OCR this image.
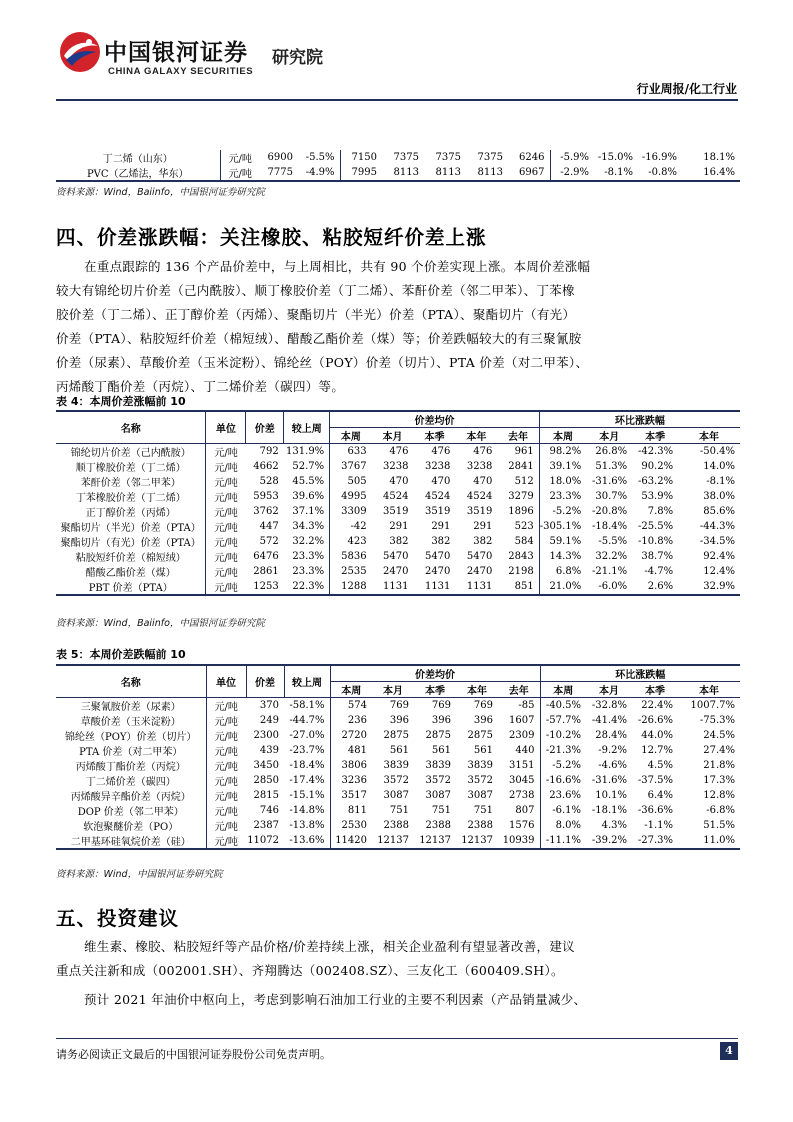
中国银河证券
CHINA GALAXY SECURITIES
研究院
行业周报/化工行业
丁二烯（山东）	元/吨	6900	-5.5%	7150	7375	7375	7375	6246	-5.9%	-15.0%	-16.9%	18.1%
PVC（乙烯法，华东）	元/吨	7775	-4.9%	7995	8113	8113	8113	6967	-2.9%	-8.1%	-0.8%	16.4%
资料来源：Wind，Baiinfo，中国银河证券研究院
四、价差涨跌幅：关注橡胶、粘胶短纤价差上涨
在重点跟踪的 136 个产品价差中，与上周相比，共有 90 个价差实现上涨。本周价差涨幅
较大有锦纶切片价差（己内酰胺）、顺丁橡胶价差（丁二烯）、苯酐价差（邻二甲苯）、丁苯橡
胶价差（丁二烯）、正丁醇价差（丙烯）、聚酯切片（半光）价差（PTA）、聚酯切片（有光）
价差（PTA）、粘胶短纤价差（棉短绒）、醋酸乙酯价差（煤）等；价差跌幅较大的有三聚氰胺
价差（尿素）、草酸价差（玉米淀粉）、锦纶丝（POY）价差（切片）、PTA 价差（对二甲苯）、
丙烯酸丁酯价差（丙烷）、丁二烯价差（碳四）等。
表 4：本周价差涨幅前 10
名称	单位	价差	较上周	价差均价					环比涨跌幅			
				本周	本月	本季	本年	去年	本周	本月	本季	本年
锦纶切片价差（己内酰胺）	元/吨	792	131.9%	633	476	476	476	961	98.2%	26.8%	-42.3%	-50.4%
顺丁橡胶价差（丁二烯）	元/吨	4662	52.7%	3767	3238	3238	3238	2841	39.1%	51.3%	90.2%	14.0%
苯酐价差（邻二甲苯）	元/吨	528	45.5%	505	470	470	470	512	18.0%	-31.6%	-63.2%	-8.1%
丁苯橡胶价差（丁二烯）	元/吨	5953	39.6%	4995	4524	4524	4524	3279	23.3%	30.7%	53.9%	38.0%
正丁醇价差（丙烯）	元/吨	3762	37.1%	3309	3519	3519	3519	1896	-5.2%	-20.8%	7.8%	85.6%
聚酯切片（半光）价差（PTA）	元/吨	447	34.3%	-42	291	291	291	523	-305.1%	-18.4%	-25.5%	-44.3%
聚酯切片（有光）价差（PTA）	元/吨	572	32.2%	423	382	382	382	584	59.1%	-5.5%	-10.8%	-34.5%
粘胶短纤价差（棉短绒）	元/吨	6476	23.3%	5836	5470	5470	5470	2843	14.3%	32.2%	38.7%	92.4%
醋酸乙酯价差（煤）	元/吨	2861	23.3%	2535	2470	2470	2470	2198	6.8%	-21.1%	-4.7%	12.4%
PBT 价差（PTA）	元/吨	1253	22.3%	1288	1131	1131	1131	851	21.0%	-6.0%	2.6%	32.9%
资料来源：Wind，Baiinfo，中国银河证券研究院
表 5：本周价差跌幅前 10
名称	单位	价差	较上周	价差均价					环比涨跌幅			
				本周	本月	本季	本年	去年	本周	本月	本季	本年
三聚氰胺价差（尿素）	元/吨	370	-58.1%	574	769	769	769	-85	-40.5%	-32.8%	22.4%	1007.7%
草酸价差（玉米淀粉）	元/吨	249	-44.7%	236	396	396	396	1607	-57.7%	-41.4%	-26.6%	-75.3%
锦纶丝（POY）价差（切片）	元/吨	2300	-27.0%	2720	2875	2875	2875	2309	-10.2%	28.4%	44.0%	24.5%
PTA 价差（对二甲苯）	元/吨	439	-23.7%	481	561	561	561	440	-21.3%	-9.2%	12.7%	27.4%
丙烯酸丁酯价差（丙烷）	元/吨	3450	-18.4%	3806	3839	3839	3839	3151	-5.2%	-4.6%	4.5%	21.8%
丁二烯价差（碳四）	元/吨	2850	-17.4%	3236	3572	3572	3572	3045	-16.6%	-31.6%	-37.5%	17.3%
丙烯酸异辛酯价差（丙烷）	元/吨	2815	-15.1%	3517	3087	3087	3087	2738	23.6%	10.1%	6.4%	12.8%
DOP 价差（邻二甲苯）	元/吨	746	-14.8%	811	751	751	751	807	-6.1%	-18.1%	-36.6%	-6.8%
软泡聚醚价差（PO）	元/吨	2387	-13.8%	2530	2388	2388	2388	1576	8.0%	4.3%	-1.1%	51.5%
二甲基环硅氧烷价差（硅）	元/吨	11072	-13.6%	11420	12137	12137	12137	10939	-11.1%	-39.2%	-27.3%	11.0%
资料来源：Wind，中国银河证券研究院
五、投资建议
维生素、橡胶、粘胶短纤等产品价格/价差持续上涨，相关企业盈利有望显著改善，建议
重点关注新和成（002001.SH）、齐翔腾达（002408.SZ）、三友化工（600409.SH）。
预计 2021 年油价中枢向上，考虑到影响石油加工行业的主要不利因素（产品销量减少、
请务必阅读正文最后的中国银河证券股份公司免责声明。	4
